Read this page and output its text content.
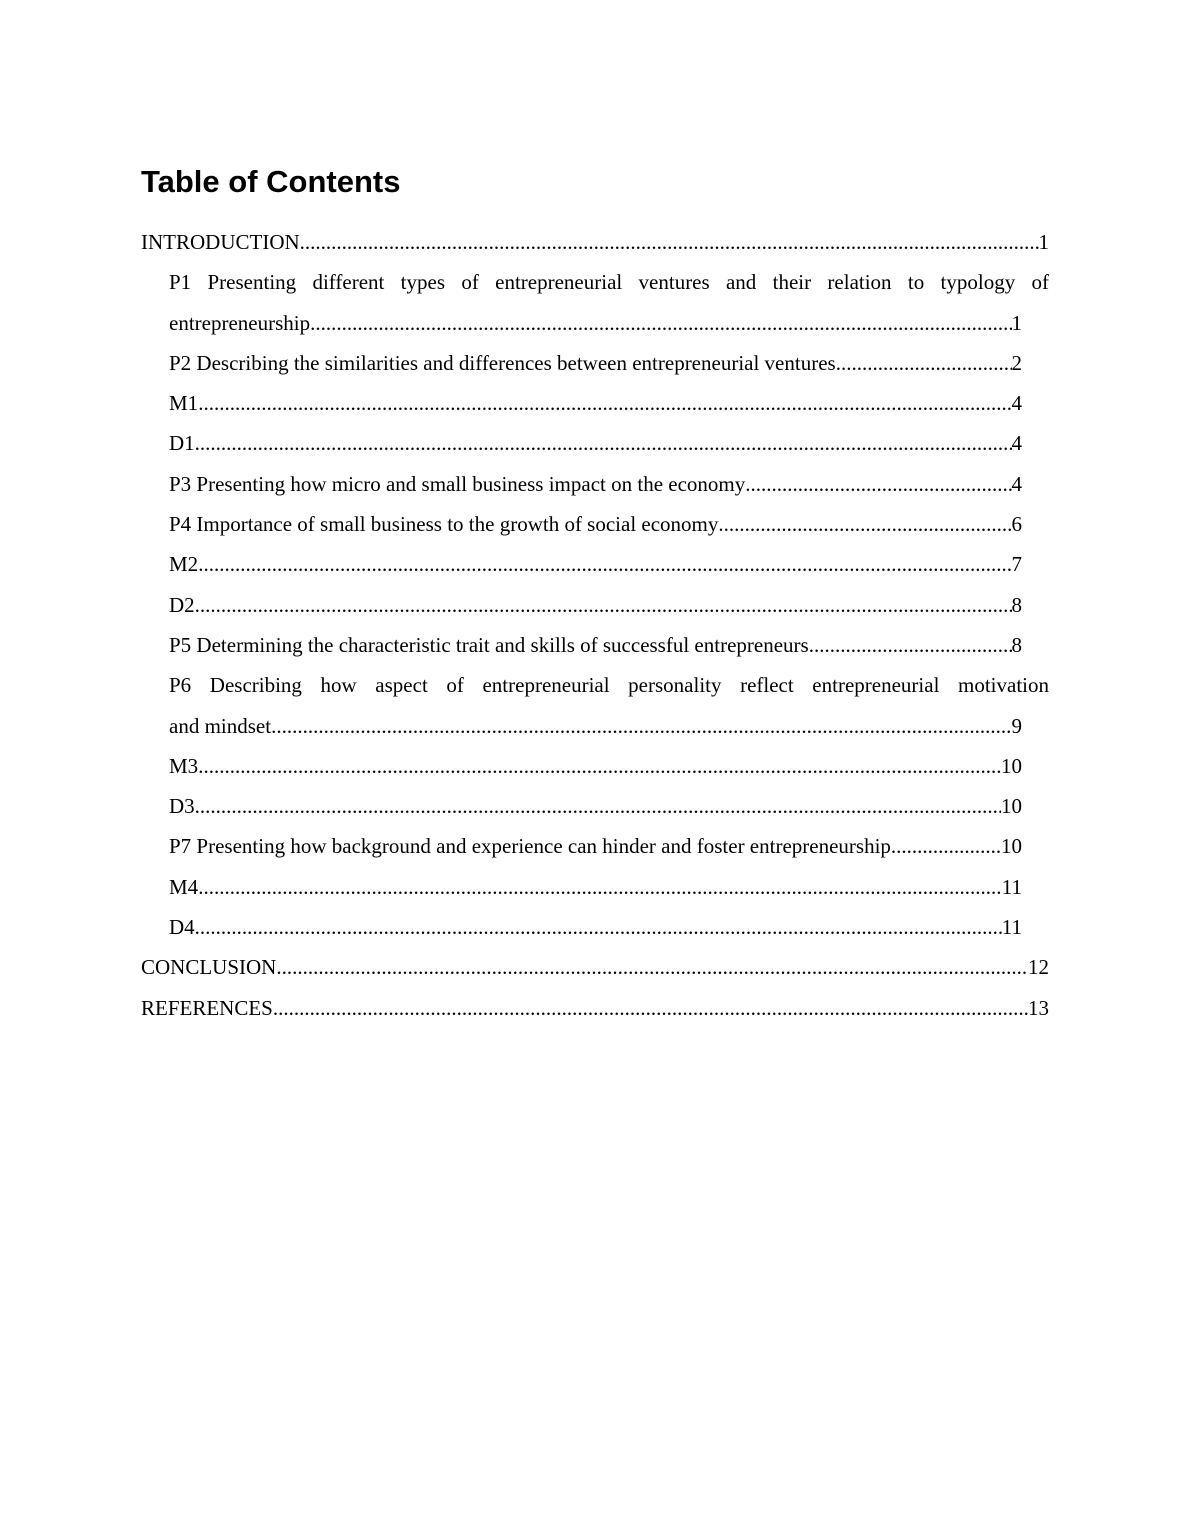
Table of Contents
INTRODUCTION .....	1
P1 Presenting different types of entrepreneurial ventures and their relation to typology of
entrepreneurship .....	1
P2 Describing the similarities and differences between entrepreneurial ventures .....	2
M1 .....	4
D1 .....	4
P3 Presenting how micro and small business impact on the economy .....	4
P4 Importance of small business to the growth of social economy .....	6
M2 .....	7
D2 .....	8
P5 Determining the characteristic trait and skills of successful entrepreneurs .....	8
P6 Describing how aspect of entrepreneurial personality reflect entrepreneurial motivation
and mindset .....	9
M3 .....	10
D3 .....	10
P7 Presenting how background and experience can hinder and foster entrepreneurship .....	10
M4 .....	11
D4 .....	11
CONCLUSION .....	12
REFERENCES .....	13
